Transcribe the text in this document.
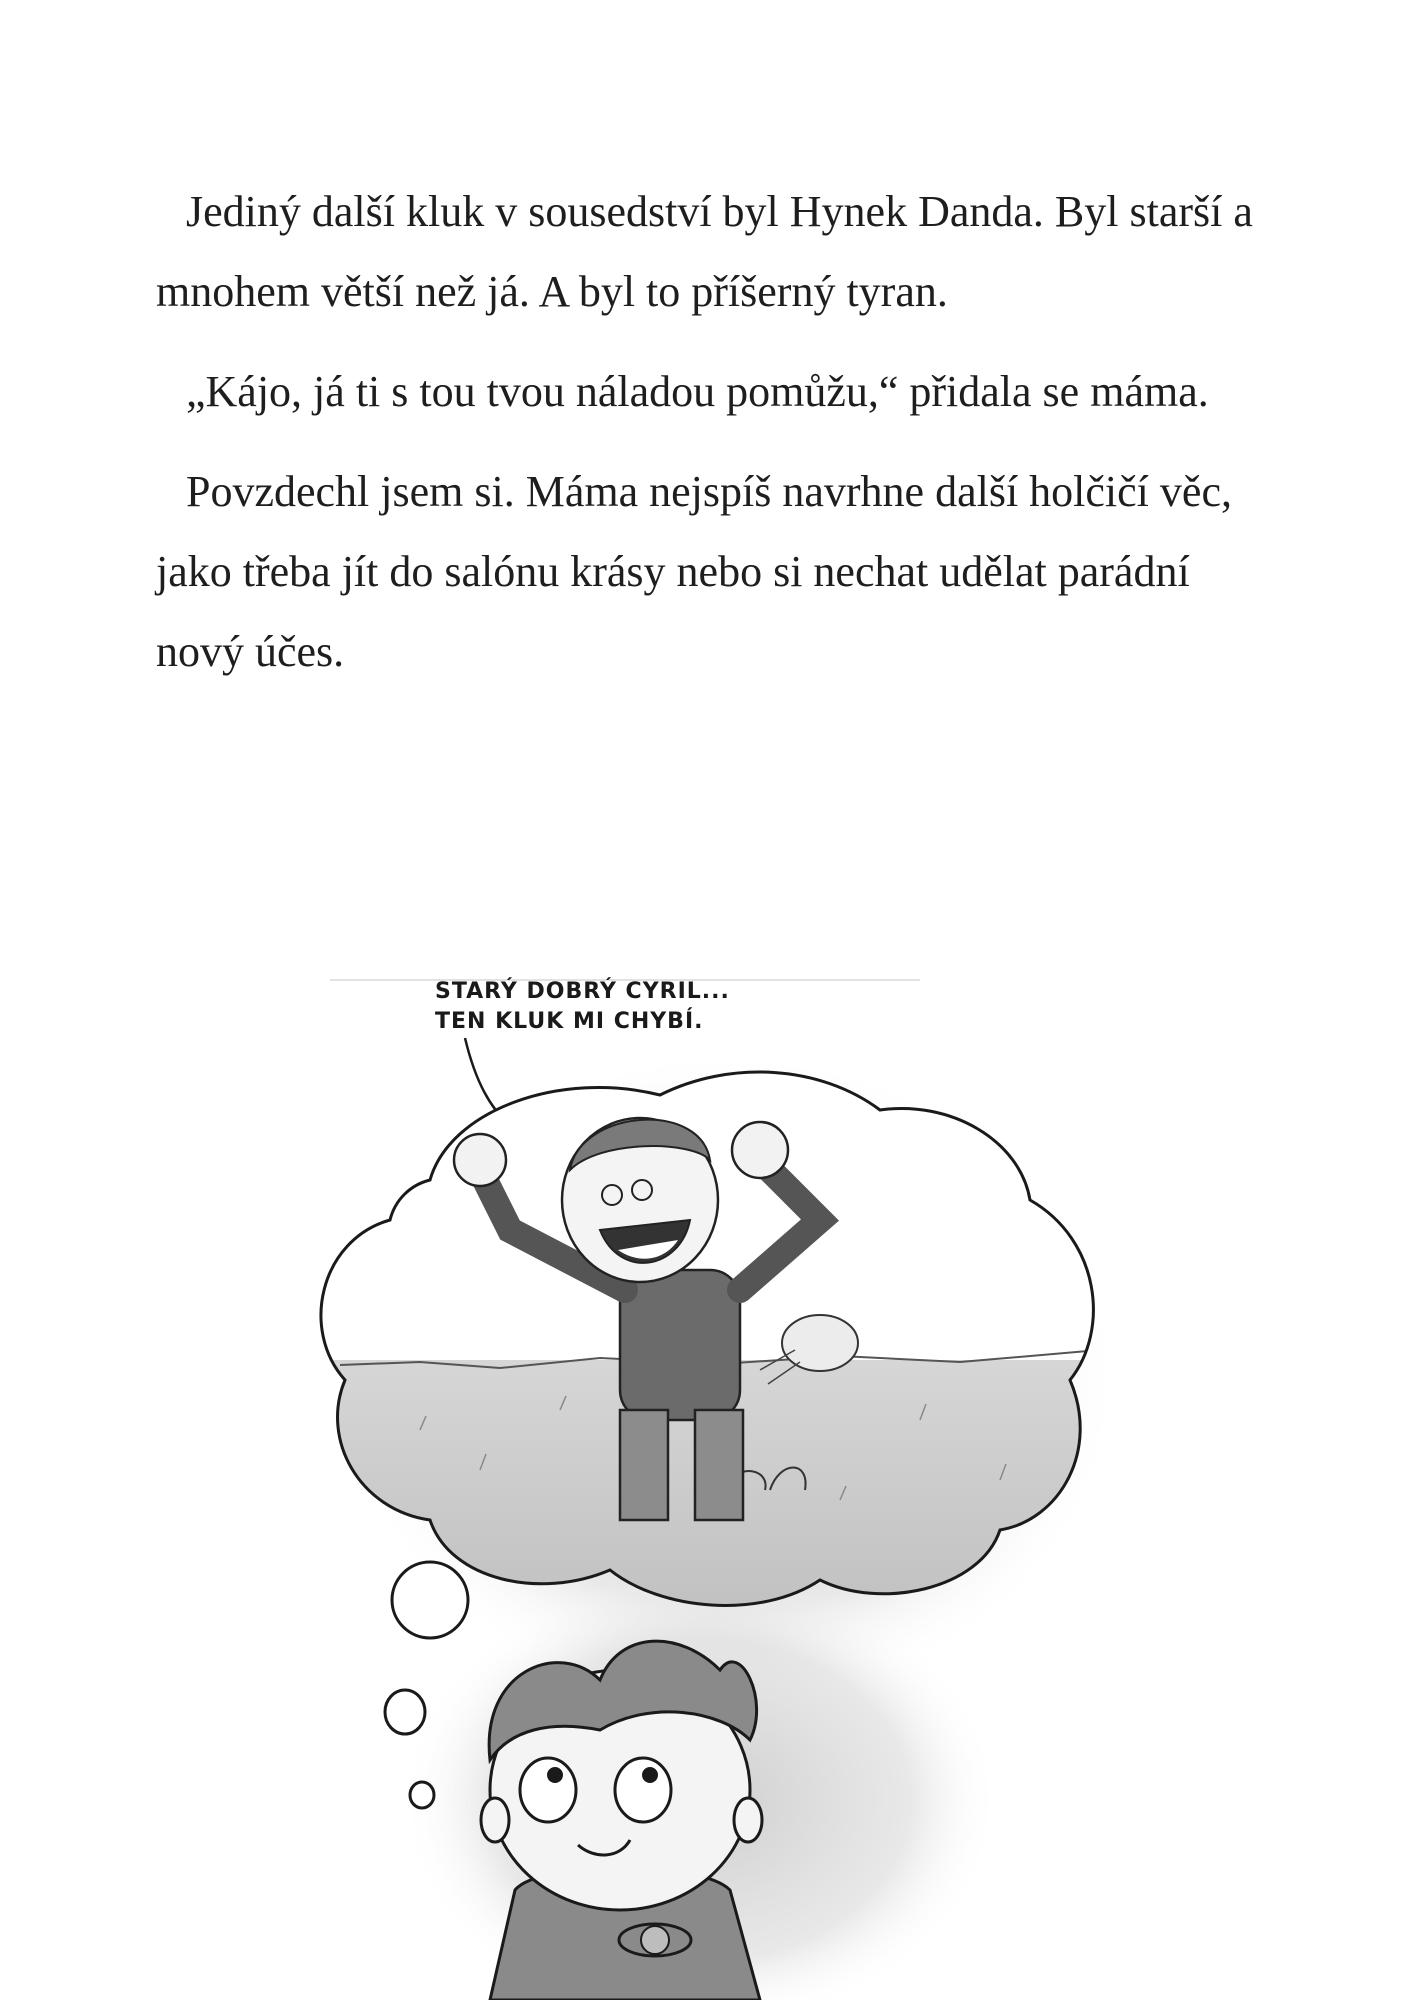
Jediný další kluk v sousedství byl Hynek Danda. Byl starší a mnohem větší než já. A byl to příšerný tyran.

„Kájo, já ti s tou tvou náladou pomůžu,“ přidala se máma.

Povzdechl jsem si. Máma nejspíš navrhne další holčičí věc, jako třeba jít do salónu krásy nebo si nechat udělat parádní nový účes.

STARÝ DOBRÝ CYRIL...
TEN KLUK MI CHYBÍ.
